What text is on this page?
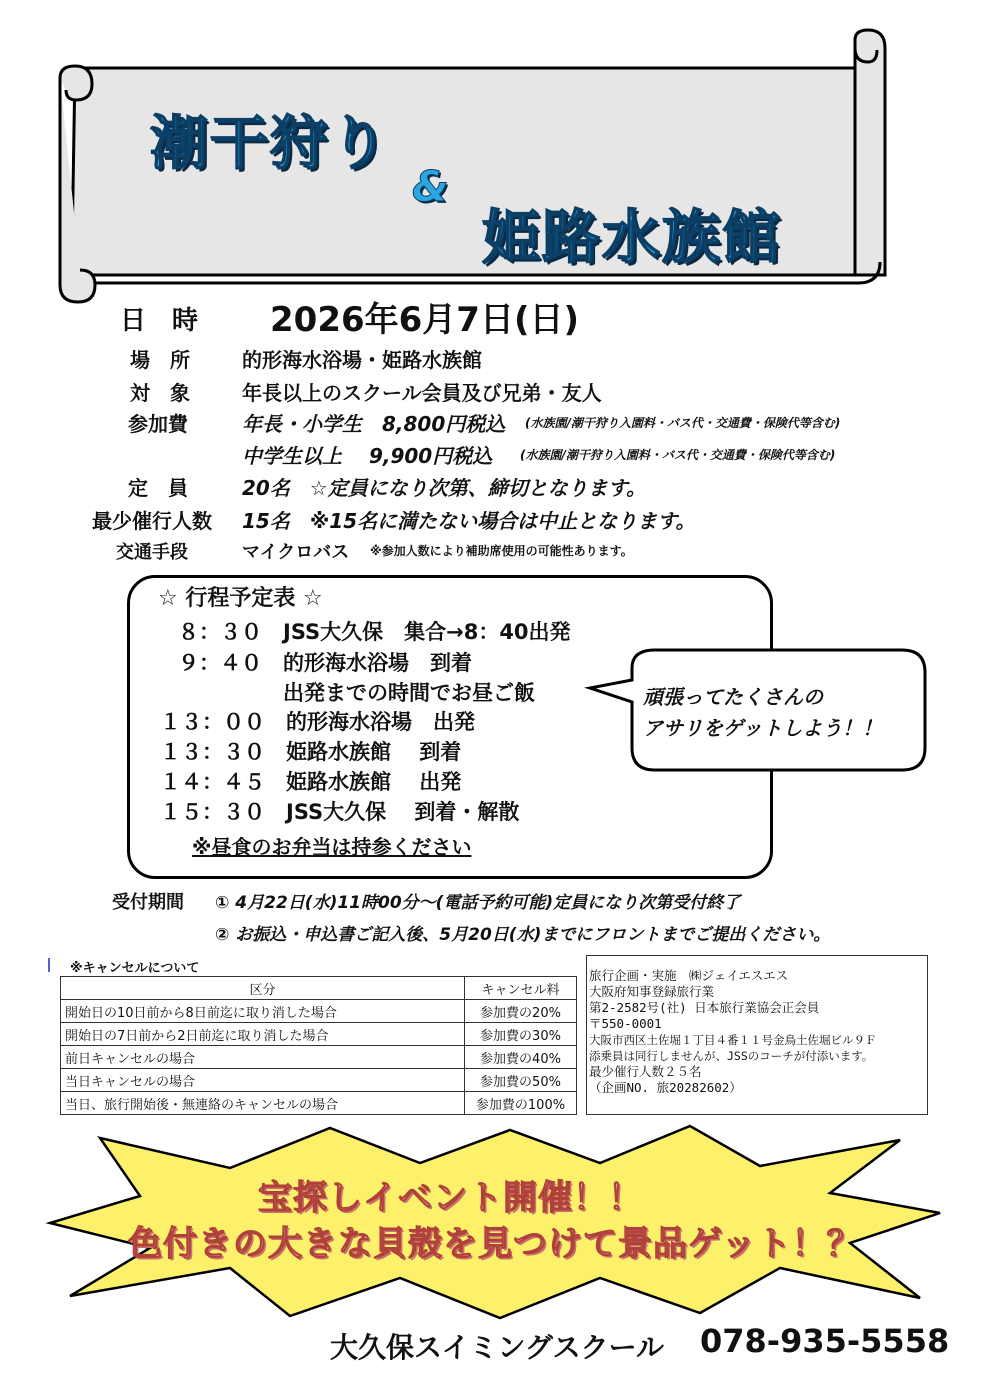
潮干狩り
&
姫路水族館
日　時 2026年6月7日(日)
場　所	的形海水浴場・姫路水族館
対　象	年長以上のスクール会員及び兄弟・友人
参加費	年長・小学生　8,800円税込 (水族園/潮干狩り入園料・バス代・交通費・保険代等含む)
中学生以上　 9,900円税込 (水族園/潮干狩り入園料・バス代・交通費・保険代等含む)
定　員	20名　☆定員になり次第、締切となります。
最少催行人数 15名　※15名に満たない場合は中止となります。
交通手段	マイクロバス ※参加人数により補助席使用の可能性あります。
☆ 行程予定表 ☆
８：３０　JSS大久保　集合→8：40出発
９：４０　的形海水浴場　到着
　　　　　出発までの時間でお昼ご飯
１３：００　的形海水浴場　出発
１３：３０　姫路水族館　 到着
１４：４５　姫路水族館　 出発
１５：３０　JSS大久保　 到着・解散
※昼食のお弁当は持参ください
頑張ってたくさんの
アサリをゲットしよう！！
受付期間 ① 4月22日(水)11時00分～(電話予約可能)定員になり次第受付終了
② お振込・申込書ご記入後、5月20日(水)までにフロントまでご提出ください。
※キャンセルについて
区分	キャンセル料
開始日の10日前から8日前迄に取り消した場合	参加費の20%
開始日の7日前から2日前迄に取り消した場合	参加費の30%
前日キャンセルの場合	参加費の40%
当日キャンセルの場合	参加費の50%
当日、旅行開始後・無連絡のキャンセルの場合	参加費の100%
旅行企画・実施　㈱ジェイエスエス
大阪府知事登録旅行業
第2-2582号(社) 日本旅行業協会正会員
〒550-0001
大阪市西区土佐堀１丁目４番１１号金鳥土佐堀ビル９Ｆ
添乗員は同行しませんが、JSSのコーチが付添います。
最少催行人数２５名
（企画NO. 旅20282602）
宝探しイベント開催！！
色付きの大きな貝殻を見つけて景品ゲット！？
大久保スイミングスクール 078-935-5558
